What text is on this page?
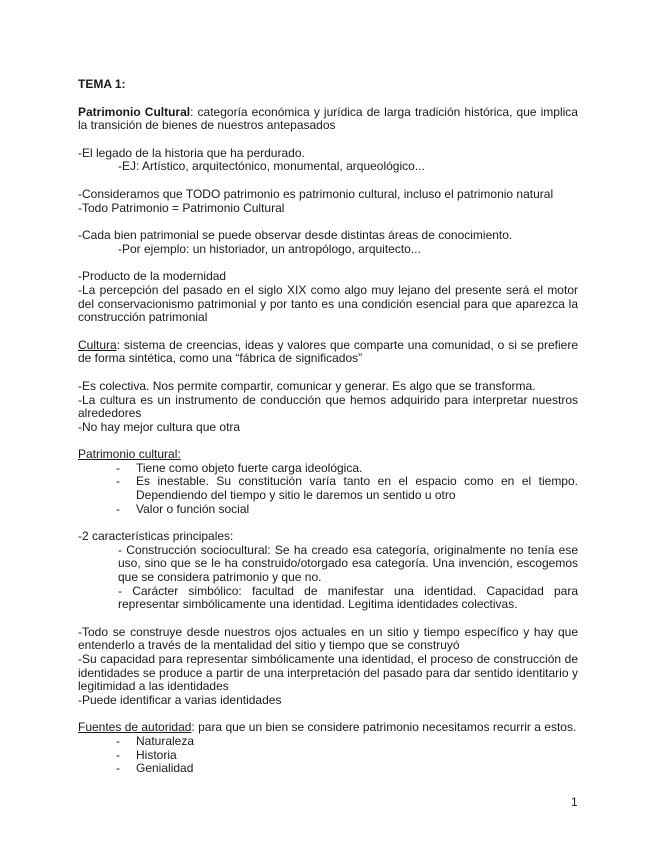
TEMA 1:

Patrimonio Cultural: categoría económica y jurídica de larga tradición histórica, que implica la transición de bienes de nuestros antepasados

-El legado de la historia que ha perdurado.

-EJ: Artístico, arquitectónico, monumental, arqueológico...

-Consideramos que TODO patrimonio es patrimonio cultural, incluso el patrimonio natural

-Todo Patrimonio = Patrimonio Cultural

-Cada bien patrimonial se puede observar desde distintas áreas de conocimiento.

-Por ejemplo: un historiador, un antropólogo, arquitecto...

-Producto de la modernidad

-La percepción del pasado en el siglo XIX como algo muy lejano del presente será el motor del conservacionismo patrimonial y por tanto es una condición esencial para que aparezca la construcción patrimonial

Cultura: sistema de creencias, ideas y valores que comparte una comunidad, o si se prefiere de forma sintética, como una “fábrica de significados”

-Es colectiva. Nos permite compartir, comunicar y generar. Es algo que se transforma.

-La cultura es un instrumento de conducción que hemos adquirido para interpretar nuestros alrededores

-No hay mejor cultura que otra

Patrimonio cultural:

- Tiene como objeto fuerte carga ideológica.
- Es inestable. Su constitución varía tanto en el espacio como en el tiempo. Dependiendo del tiempo y sitio le daremos un sentido u otro
- Valor o función social

-2 características principales:

- Construcción sociocultural: Se ha creado esa categoría, originalmente no tenía ese uso, sino que se le ha construido/otorgado esa categoría. Una invención, escogemos que se considera patrimonio y que no.

- Carácter simbólico: facultad de manifestar una identidad. Capacidad para representar simbólicamente una identidad. Legitima identidades colectivas.

-Todo se construye desde nuestros ojos actuales en un sitio y tiempo específico y hay que entenderlo a través de la mentalidad del sitio y tiempo que se construyó

-Su capacidad para representar simbólicamente una identidad, el proceso de construcción de identidades se produce a partir de una interpretación del pasado para dar sentido identitario y legitimidad a las identidades

-Puede identificar a varias identidades

Fuentes de autoridad: para que un bien se considere patrimonio necesitamos recurrir a estos.

- Naturaleza
- Historia
- Genialidad
1
